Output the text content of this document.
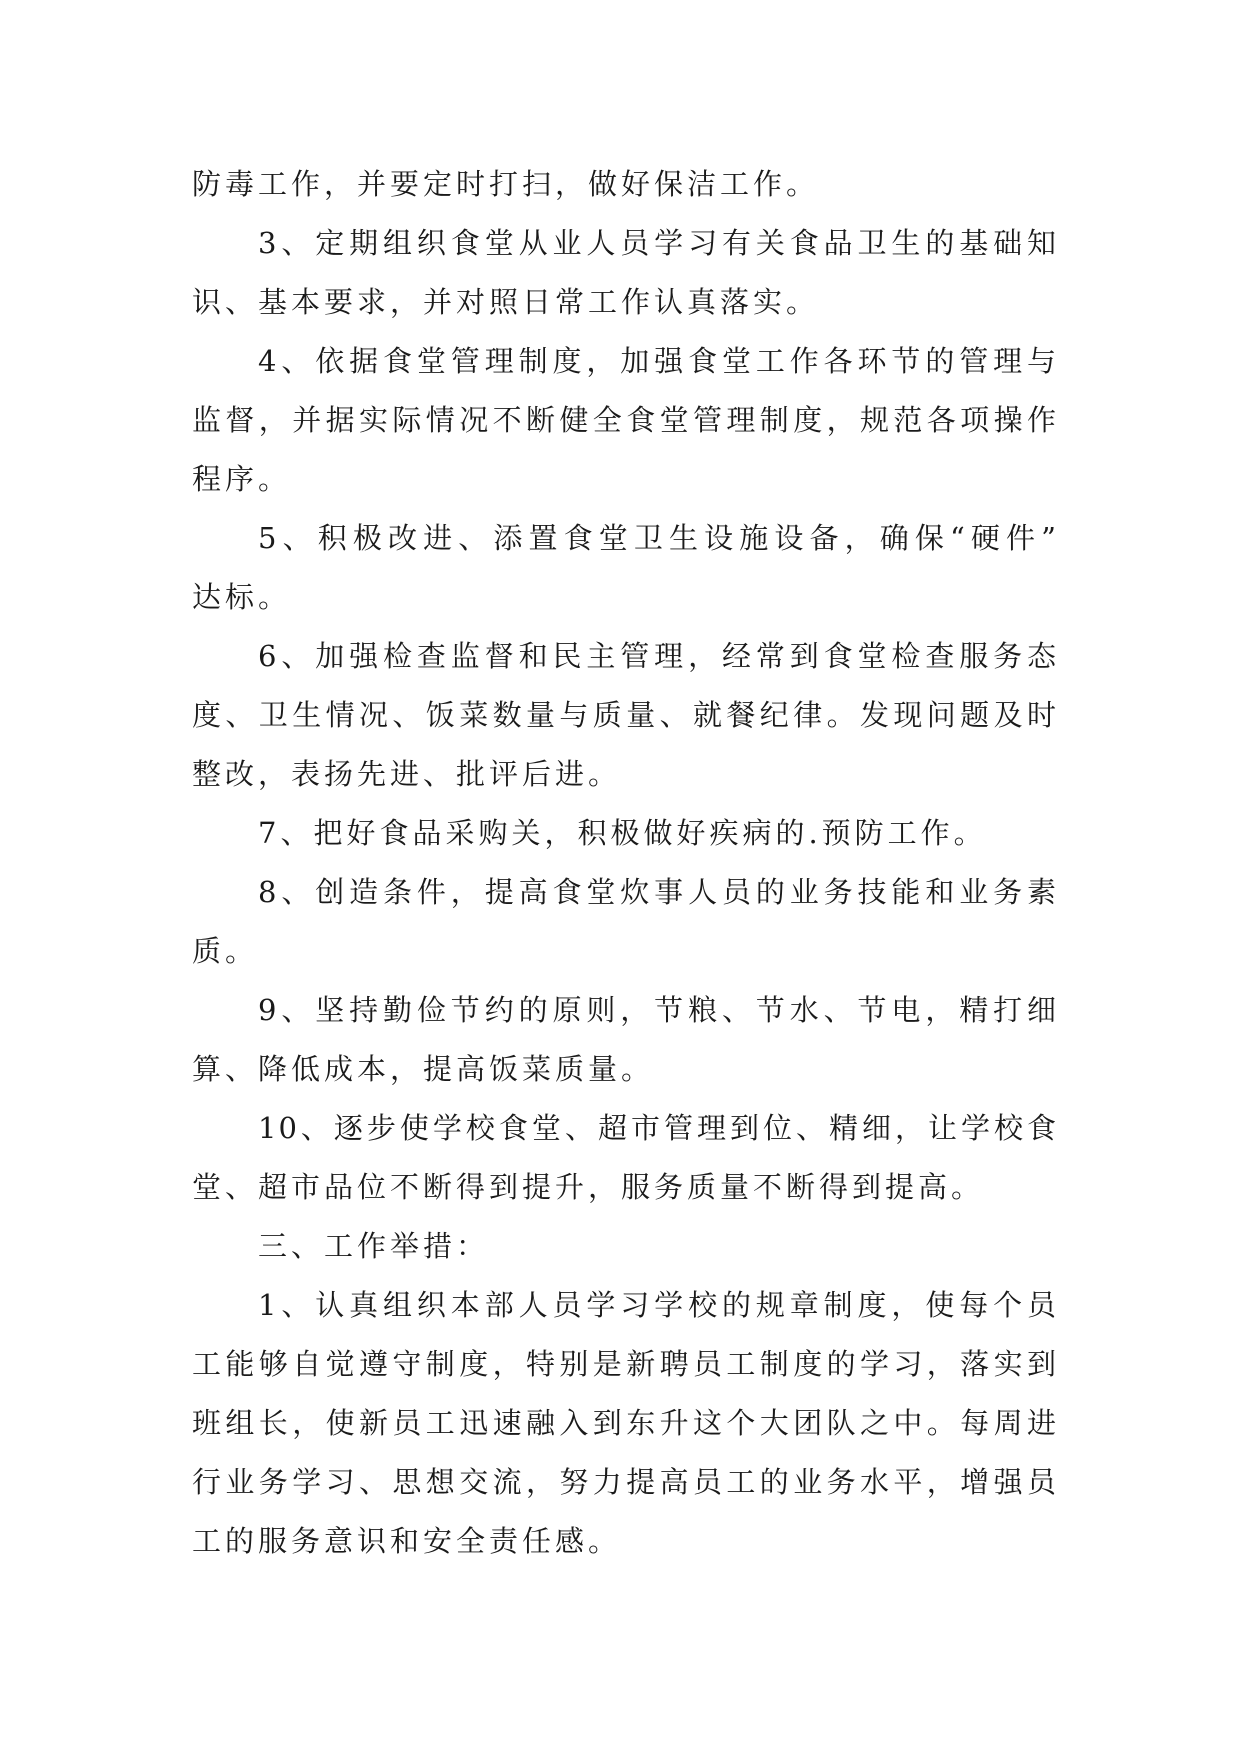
防毒工作，并要定时打扫，做好保洁工作。
3、定期组织食堂从业人员学习有关食品卫生的基础知
识、基本要求，并对照日常工作认真落实。
4、依据食堂管理制度，加强食堂工作各环节的管理与
监督，并据实际情况不断健全食堂管理制度，规范各项操作
程序。
5、积极改进、添置食堂卫生设施设备，确保“硬件”
达标。
6、加强检查监督和民主管理，经常到食堂检查服务态
度、卫生情况、饭菜数量与质量、就餐纪律。发现问题及时
整改，表扬先进、批评后进。
7、把好食品采购关，积极做好疾病的.预防工作。
8、创造条件，提高食堂炊事人员的业务技能和业务素
质。
9、坚持勤俭节约的原则，节粮、节水、节电，精打细
算、降低成本，提高饭菜质量。
10、逐步使学校食堂、超市管理到位、精细，让学校食
堂、超市品位不断得到提升，服务质量不断得到提高。
三、工作举措：
1、认真组织本部人员学习学校的规章制度，使每个员
工能够自觉遵守制度，特别是新聘员工制度的学习，落实到
班组长，使新员工迅速融入到东升这个大团队之中。每周进
行业务学习、思想交流，努力提高员工的业务水平，增强员
工的服务意识和安全责任感。
